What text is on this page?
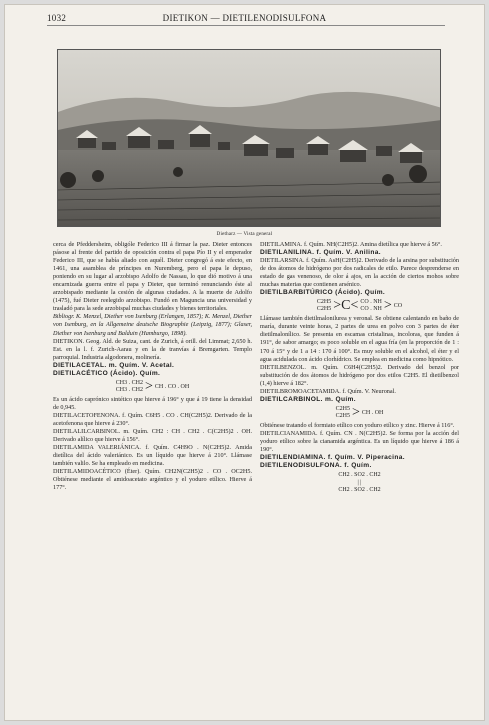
1032	DIETIKON — DIETILENODISULFONA
Dietharz — Vista general

cerca de Pfeddersheim, obligóle Federico III á firmar la paz. Dieter entonces pásose al frente del partido de oposición contra el papa Pío II y el emperador Federico III, que se había aliado con aquél. Dieter congregó á este efecto, en 1461, una asamblea de príncipes en Nuremberg, pero el papa le depuso, poniendo en su lugar al arzobispo Adolfo de Nassau, lo que dió motivo á una encarnizada guerra entre el papa y Dieter, que terminó renunciando éste al arzobispado mediante la cesión de algunas ciudades. A la muerte de Adolfo (1475), fué Dieter reelegido arzobispo. Fundó en Maguncia una universidad y trasladó para la sede arzobispal muchas ciudades y bienes territoriales.

Bibliogr. K. Menzel, Diether von Isenburg (Erlangen, 1857); K. Menzel, Diether von Isenburg, en la Allgemeine deutsche Biographie (Leipzig, 1877); Glaser, Diether von Isenburg und Balduin (Hamburgo, 1898).

DIETIKON. Geog. Ald. de Suiza, cant. de Zurich, á orill. del Limmat; 2,650 h. Est. en la l. f. Zurich-Aarau y en la de tranvías á Bremgarten. Templo parroquial. Industria algodonera, molinería.

DIETILACETAL. m. Quím. V. Acetal.

DIETILACÉTICO (Ácido). Quím.

CH3 . CH2
CH3 . CH2 > CH . CO . OH

Es un ácido caprónico sintético que hierve á 196° y que á 19 tiene la densidad de 0,945.

DIETILACETOFENONA. f. Quím. C6H5 . CO . CH(C2H5)2. Derivado de la acetofenona que hierve á 230°.

DIETILALILCARBINOL. m. Quím. CH2 : CH . CH2 . C(C2H5)2 . OH. Derivado alílico que hierve á 156°.

DIETILAMIDA VALERIÁNICA. f. Quím. C4H9O . N(C2H5)2. Amida dietílica del ácido valeriánico. Es un líquido que hierve á 210°. Llámase también valilo. Se ha empleado en medicina.

DIETILAMIDOACÉTICO (Éter). Quím. CH2N(C2H5)2 . CO . OC2H5. Obtiénese mediante el amidoacetato argéntico y el yoduro etílico. Hierve á 177°.

DIETILAMINA. f. Quím. NH(C2H5)2. Amina dietílica que hierve á 56°.

DIETILANILINA. f. Quím. V. Anilina.

DIETILARSINA. f. Quím. AsH(C2H5)2. Derivado de la arsina por substitución de dos átomos de hidrógeno por dos radicales de etilo. Parece desprenderse en estado de gas venenoso, de olor á ajos, en la acción de ciertos mohos sobre muchas materias que contienen arsénico.

DIETILBARBITÚRICO (Ácido). Quím.

C2H5
C2H5 >C< CO . NH
CO . NH > CO

Llámase también dietilmalonilurea y veronal. Se obtiene calentando en baño de maría, durante veinte horas, 2 partes de urea en polvo con 3 partes de éter dietilmalonílico. Se presenta en escamas cristalinas, incoloras, que funden á 191°, de sabor amargo; es poco soluble en el agua fría (en la proporción de 1 : 170 á 15° y de 1 a 14 : 170 á 100°. Es muy soluble en el alcohol, el éter y el agua acidulada con ácido clorhídrico. Se emplea en medicina como hipnótico.

DIETILBENZOL. m. Quím. C6H4(C2H5)2. Derivado del benzol por substitución de dos átomos de hidrógeno por dos etilos C2H5. El dietilbenzol (1,4) hierve á 182°.

DIETILBROMOACETAMIDA. f. Quím. V. Neuronal.

DIETILCARBINOL. m. Quím.

C2H5
C2H5 > CH . OH

Obtiénese tratando el formiato etílico con yoduro etílico y zinc. Hierve á 116°.

DIETILCIANAMIDA. f. Quím. CN . N(C2H5)2. Se forma por la acción del yoduro etílico sobre la cianamida argéntica. Es un líquido que hierve á 186 á 190°.

DIETILENDIAMINA. f. Quím. V. Piperacina.

DIETILENODISULFONA. f. Quím.

CH2 . SO2 . CH2
| |
CH2 . SO2 . CH2
